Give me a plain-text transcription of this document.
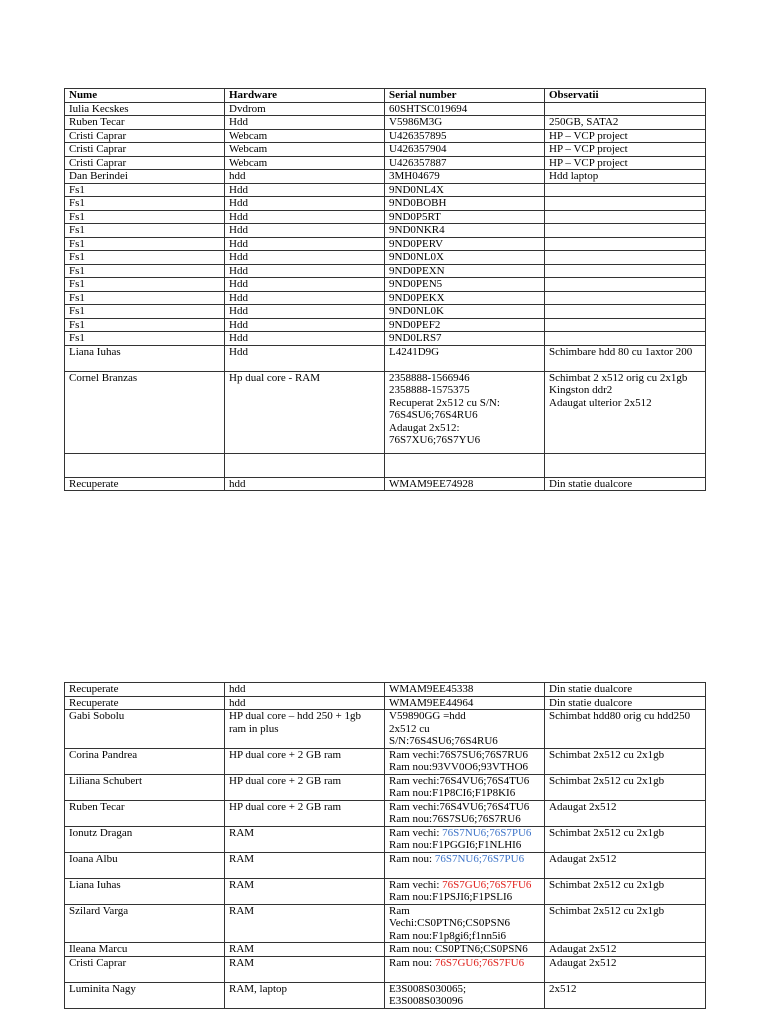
Nume	Hardware	Serial number	Observatii
Iulia Kecskes	Dvdrom	60SHTSC019694	
Ruben Tecar	Hdd	V5986M3G	250GB, SATA2
Cristi Caprar	Webcam	U426357895	HP – VCP project
Cristi Caprar	Webcam	U426357904	HP – VCP project
Cristi Caprar	Webcam	U426357887	HP – VCP project
Dan Berindei	hdd	3MH04679	Hdd laptop
Fs1	Hdd	9ND0NL4X	
Fs1	Hdd	9ND0BOBH	
Fs1	Hdd	9ND0P5RT	
Fs1	Hdd	9ND0NKR4	
Fs1	Hdd	9ND0PERV	
Fs1	Hdd	9ND0NL0X	
Fs1	Hdd	9ND0PEXN	
Fs1	Hdd	9ND0PEN5	
Fs1	Hdd	9ND0PEKX	
Fs1	Hdd	9ND0NL0K	
Fs1	Hdd	9ND0PEF2	
Fs1	Hdd	9ND0LRS7	
Liana Iuhas	Hdd	L4241D9G	Schimbare hdd 80 cu 1axtor 200
Cornel Branzas	Hp dual core - RAM	2358888-1566946
2358888-1575375
Recuperat 2x512 cu S/N: 76S4SU6;76S4RU6
Adaugat 2x512: 76S7XU6;76S7YU6	Schimbat 2 x512 orig cu 2x1gb Kingston ddr2
Adaugat ulterior 2x512

Recuperate	hdd	WMAM9EE74928	Din statie dualcore
Recuperate	hdd	WMAM9EE45338	Din statie dualcore
Recuperate	hdd	WMAM9EE44964	Din statie dualcore
Gabi Sobolu	HP dual core – hdd 250 + 1gb ram in plus	V59890GG =hdd
2x512 cu
S/N:76S4SU6;76S4RU6	Schimbat hdd80 orig cu hdd250
Corina Pandrea	HP dual core + 2 GB ram	Ram vechi:76S7SU6;76S7RU6
Ram nou:93VV0O6;93VTHO6	Schimbat 2x512 cu 2x1gb
Liliana Schubert	HP dual core + 2 GB ram	Ram vechi:76S4VU6;76S4TU6
Ram nou:F1P8CI6;F1P8KI6	Schimbat 2x512 cu 2x1gb
Ruben Tecar	HP dual core + 2 GB ram	Ram vechi:76S4VU6;76S4TU6
Ram nou:76S7SU6;76S7RU6	Adaugat 2x512
Ionutz Dragan	RAM	Ram vechi: 76S7NU6;76S7PU6
Ram nou:F1PGGI6;F1NLHI6	Schimbat 2x512 cu 2x1gb
Ioana Albu	RAM	Ram nou: 76S7NU6;76S7PU6	Adaugat 2x512
Liana Iuhas	RAM	Ram vechi: 76S7GU6;76S7FU6
Ram nou:F1PSJI6;F1PSLI6	Schimbat 2x512 cu 2x1gb
Szilard Varga	RAM	Ram
Vechi:CS0PTN6;CS0PSN6
Ram nou:F1p8gi6;f1nn5i6	Schimbat 2x512 cu 2x1gb
Ileana Marcu	RAM	Ram nou: CS0PTN6;CS0PSN6	Adaugat 2x512
Cristi Caprar	RAM	Ram nou: 76S7GU6;76S7FU6	Adaugat 2x512
Luminita Nagy	RAM, laptop	E3S008S030065;
E3S008S030096	2x512
